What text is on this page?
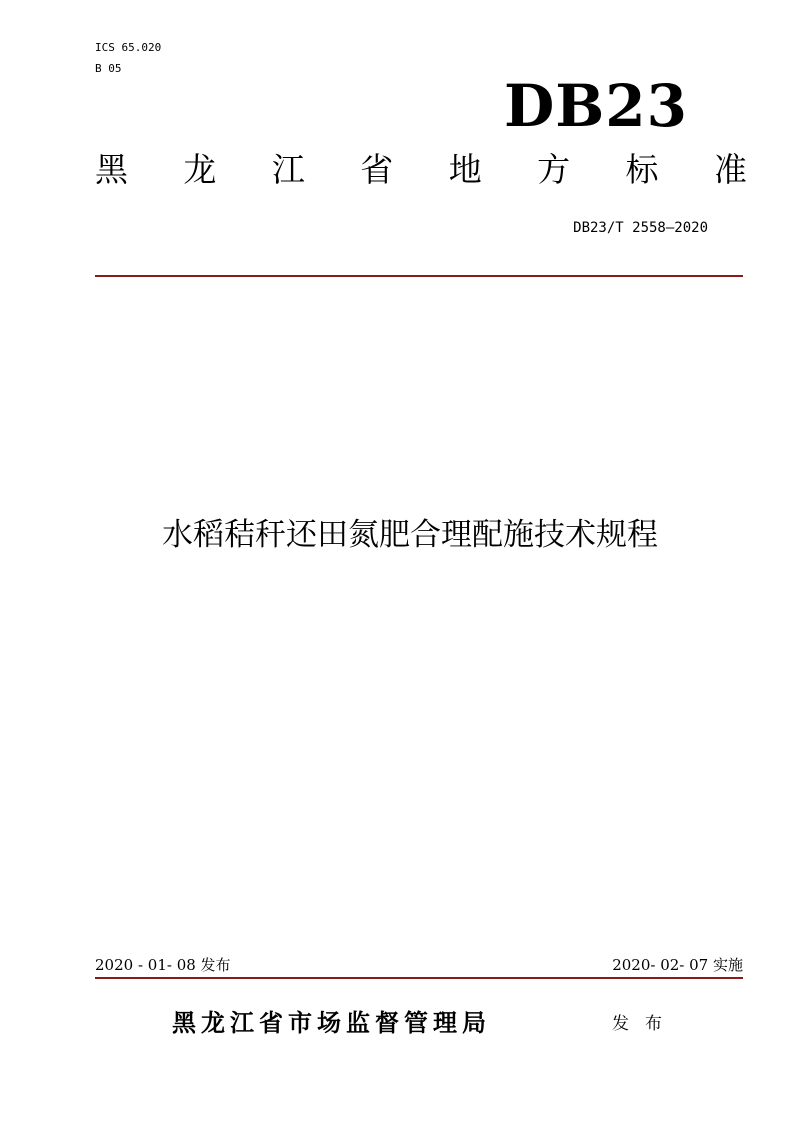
ICS 65.020
B 05
DB23
黑 龙 江 省 地 方 标 准
DB23/T 2558—2020
水稻秸秆还田氮肥合理配施技术规程
2020 - 01- 08 发布	2020- 02- 07 实施
黑龙江省市场监督管理局	发布
